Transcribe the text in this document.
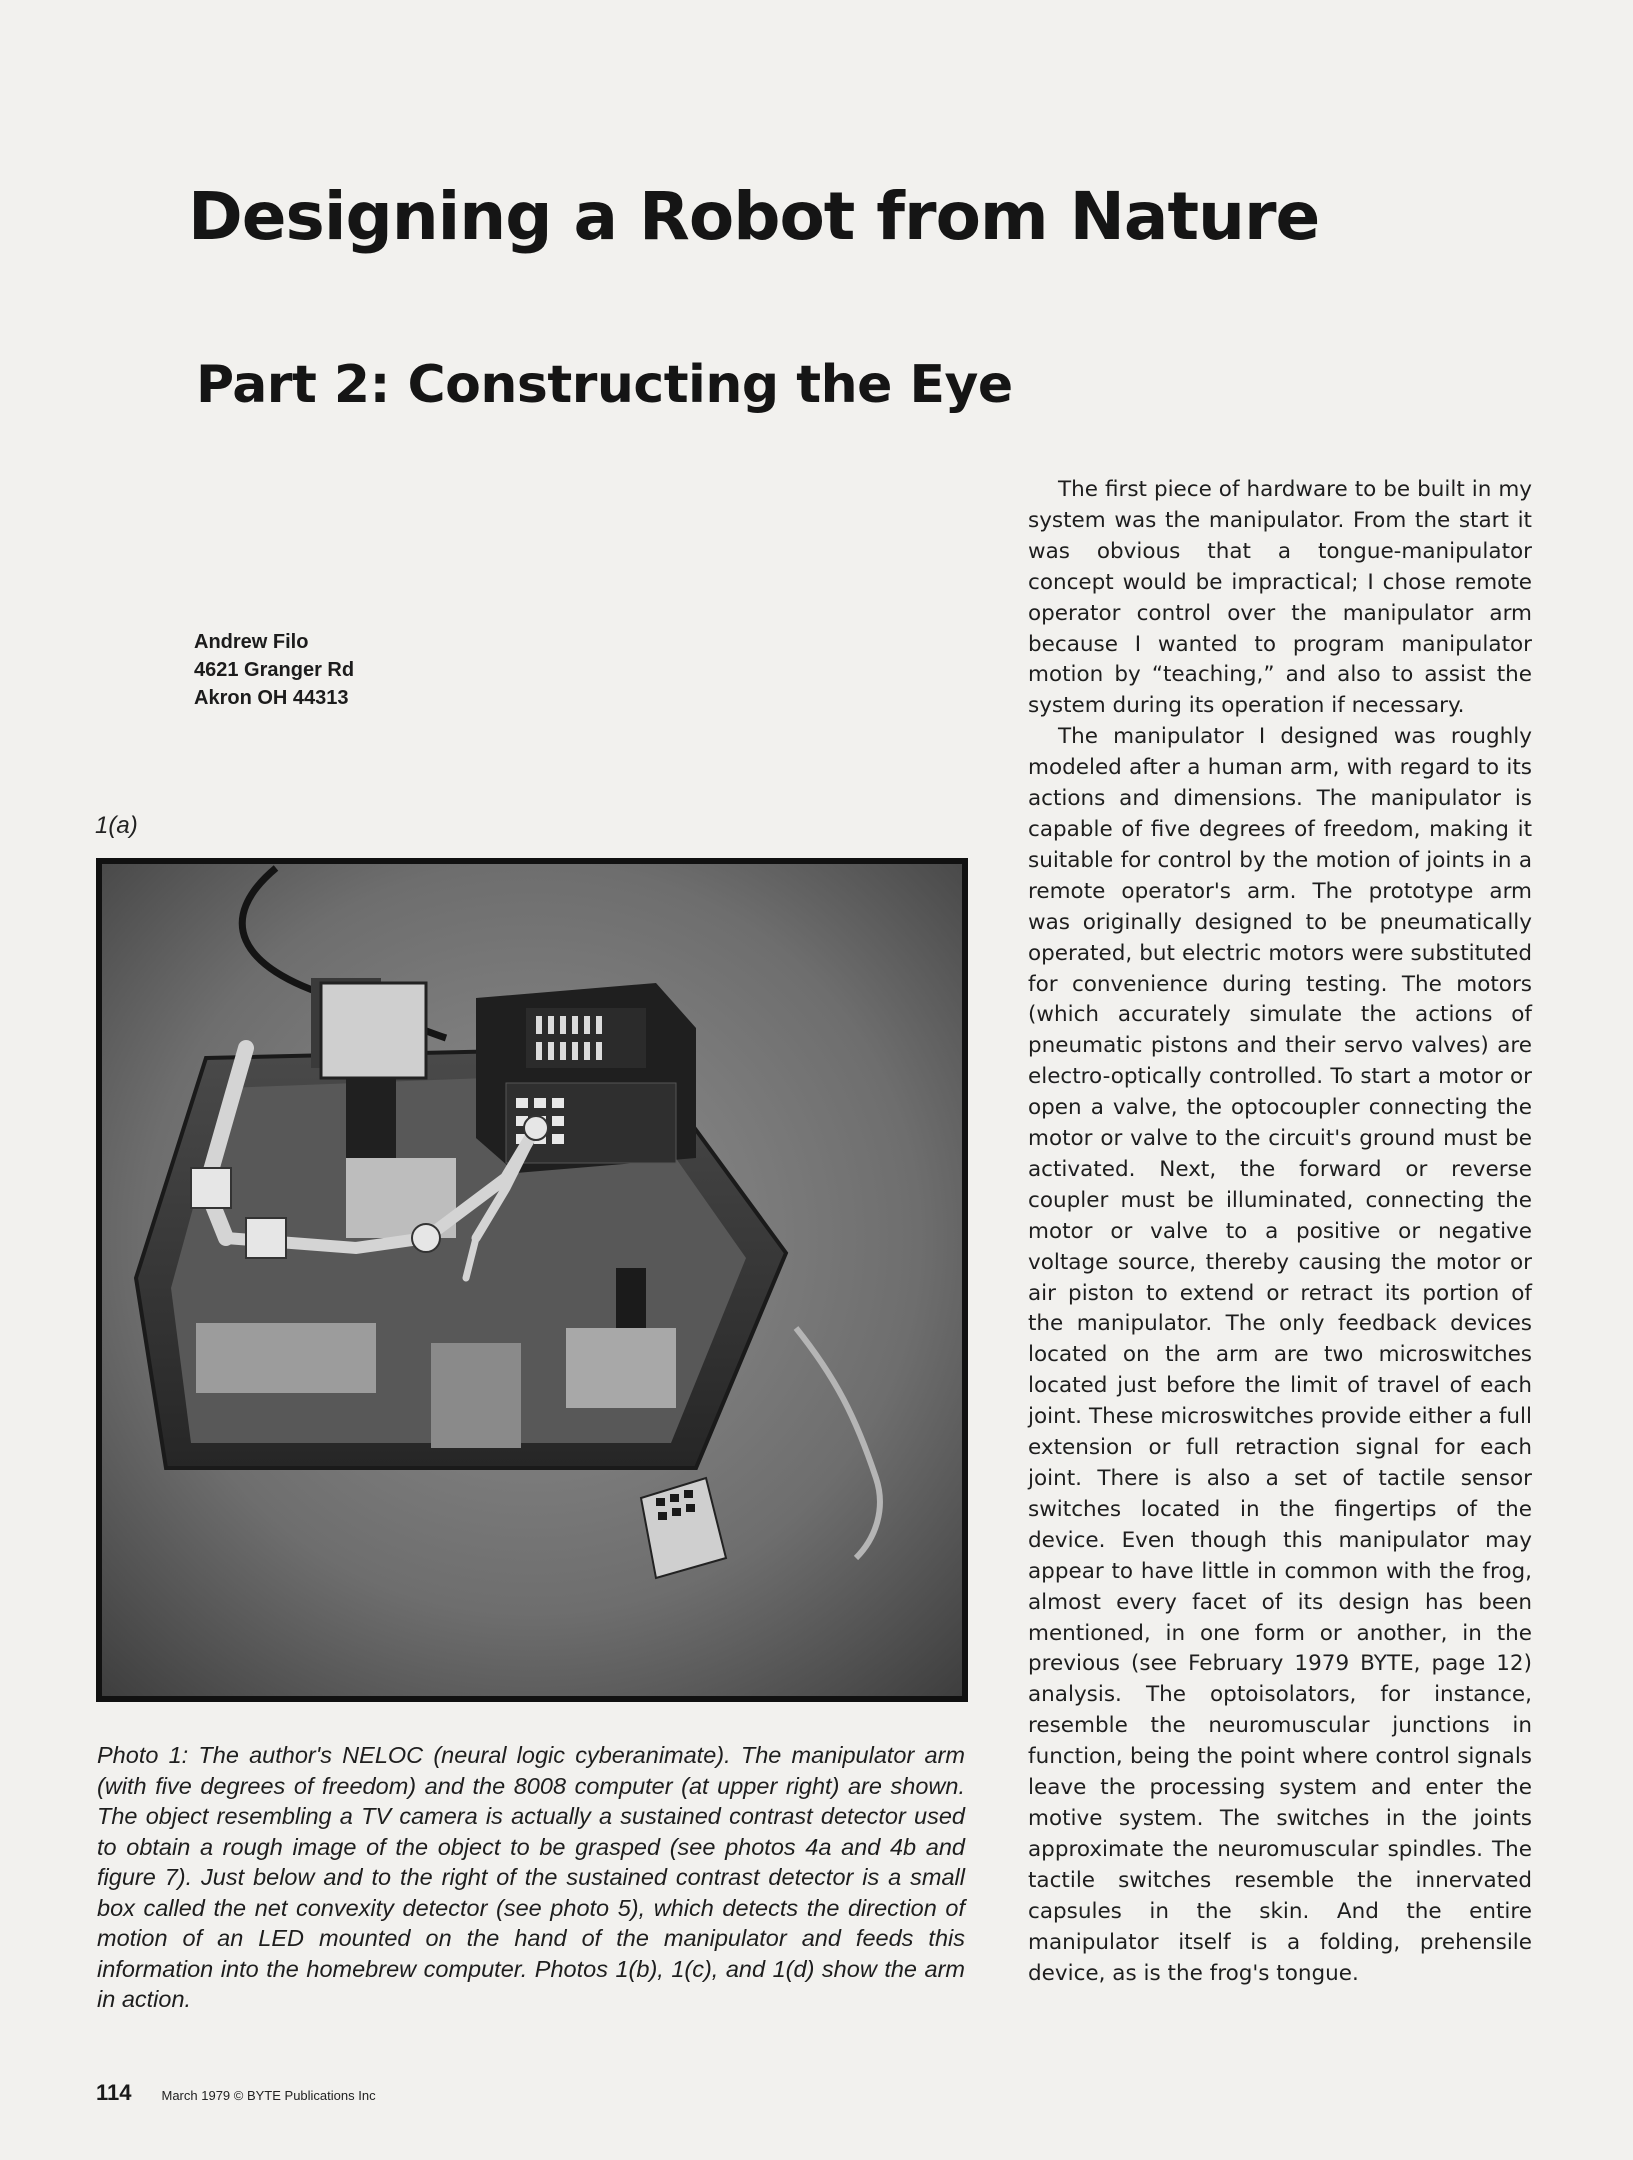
Designing a Robot from Nature
Part 2: Constructing the Eye
Andrew Filo
4621 Granger Rd
Akron OH 44313
1(a)
Photo 1: The author's NELOC (neural logic cyberanimate). The manipulator arm (with five degrees of freedom) and the 8008 computer (at upper right) are shown. The object resembling a TV camera is actually a sustained contrast detector used to obtain a rough image of the object to be grasped (see photos 4a and 4b and figure 7). Just below and to the right of the sustained contrast detector is a small box called the net convexity detector (see photo 5), which detects the direction of motion of an LED mounted on the hand of the manipulator and feeds this information into the homebrew computer. Photos 1(b), 1(c), and 1(d) show the arm in action.

The first piece of hardware to be built in my system was the manipulator. From the start it was obvious that a tongue-manipulator concept would be impractical; I chose remote operator control over the manipulator arm because I wanted to program manipulator motion by “teaching,” and also to assist the system during its operation if necessary.

The manipulator I designed was roughly modeled after a human arm, with regard to its actions and dimensions. The manipulator is capable of five degrees of freedom, making it suitable for control by the motion of joints in a remote operator's arm. The prototype arm was originally designed to be pneumatically operated, but electric motors were substituted for convenience during testing. The motors (which accurately simulate the actions of pneumatic pistons and their servo valves) are electro-optically controlled. To start a motor or open a valve, the optocoupler connecting the motor or valve to the circuit's ground must be activated. Next, the forward or reverse coupler must be illuminated, connecting the motor or valve to a positive or negative voltage source, thereby causing the motor or air piston to extend or retract its portion of the manipulator. The only feedback devices located on the arm are two microswitches located just before the limit of travel of each joint. These microswitches provide either a full extension or full retraction signal for each joint. There is also a set of tactile sensor switches located in the fingertips of the device. Even though this manipulator may appear to have little in common with the frog, almost every facet of its design has been mentioned, in one form or another, in the previous (see February 1979 BYTE, page 12) analysis. The optoisolators, for instance, resemble the neuromuscular junctions in function, being the point where control signals leave the processing system and enter the motive system. The switches in the joints approximate the neuromuscular spindles. The tactile switches resemble the innervated capsules in the skin. And the entire manipulator itself is a folding, prehensile device, as is the frog's tongue.

114 March 1979 © BYTE Publications Inc
